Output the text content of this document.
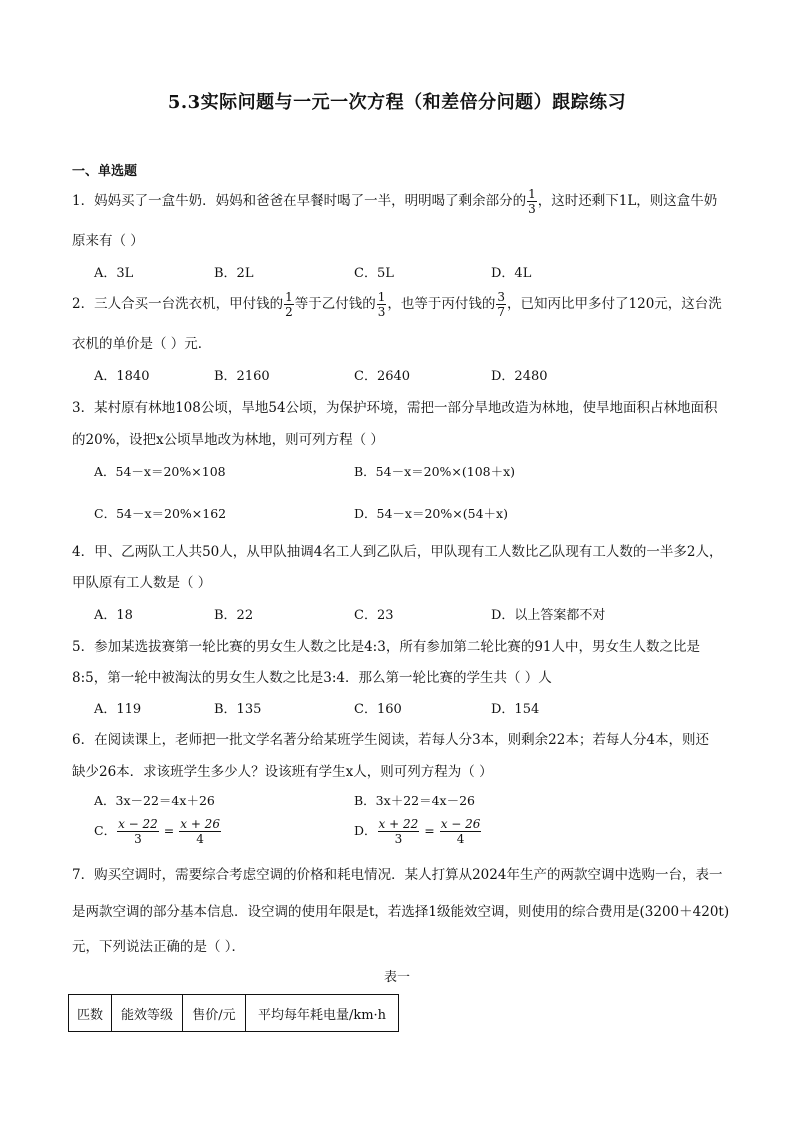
5.3实际问题与一元一次方程（和差倍分问题）跟踪练习
一、单选题
1．妈妈买了一盒牛奶．妈妈和爸爸在早餐时喝了一半，明明喝了剩余部分的 $\frac{1}{3}$ ，这时还剩下1L，则这盒牛奶
原来有（ ）
A．3L	B．2L	C．5L	D．4L
2．三人合买一台洗衣机，甲付钱的 $\frac{1}{2}$ 等于乙付钱的 $\frac{1}{3}$ ，也等于丙付钱的 $\frac{3}{7}$ ，已知丙比甲多付了120元，这台洗
衣机的单价是（ ）元．
A．1840	B．2160	C．2640	D．2480
3．某村原有林地108公顷，旱地54公顷，为保护环境，需把一部分旱地改造为林地，使旱地面积占林地面积
的20%，设把x公顷旱地改为林地，则可列方程（ ）
A．54－x＝20%×108	B．54－x＝20%×(108＋x)
C．54－x＝20%×162	D．54－x＝20%×(54＋x)
4．甲、乙两队工人共50人，从甲队抽调4名工人到乙队后，甲队现有工人数比乙队现有工人数的一半多2人，
甲队原有工人数是（ ）
A．18	B．22	C．23	D．以上答案都不对
5．参加某选拔赛第一轮比赛的男女生人数之比是4:3，所有参加第二轮比赛的91人中，男女生人数之比是
8:5，第一轮中被淘汰的男女生人数之比是3:4．那么第一轮比赛的学生共（ ）人
A．119	B．135	C．160	D．154
6．在阅读课上，老师把一批文学名著分给某班学生阅读，若每人分3本，则剩余22本；若每人分4本，则还
缺少26本．求该班学生多少人？设该班有学生x人，则可列方程为（ ）
A．3x－22＝4x＋26	B．3x＋22＝4x－26
C． $\frac{x - 22}{3} = \frac{x + 26}{4}$	D． $\frac{x + 22}{3} = \frac{x - 26}{4}$
7．购买空调时，需要综合考虑空调的价格和耗电情况．某人打算从2024年生产的两款空调中选购一台，表一
是两款空调的部分基本信息．设空调的使用年限是t，若选择1级能效空调，则使用的综合费用是(3200＋420t)
元，下列说法正确的是（ ）．
表一
匹数	能效等级	售价/元	平均每年耗电量/km·h
